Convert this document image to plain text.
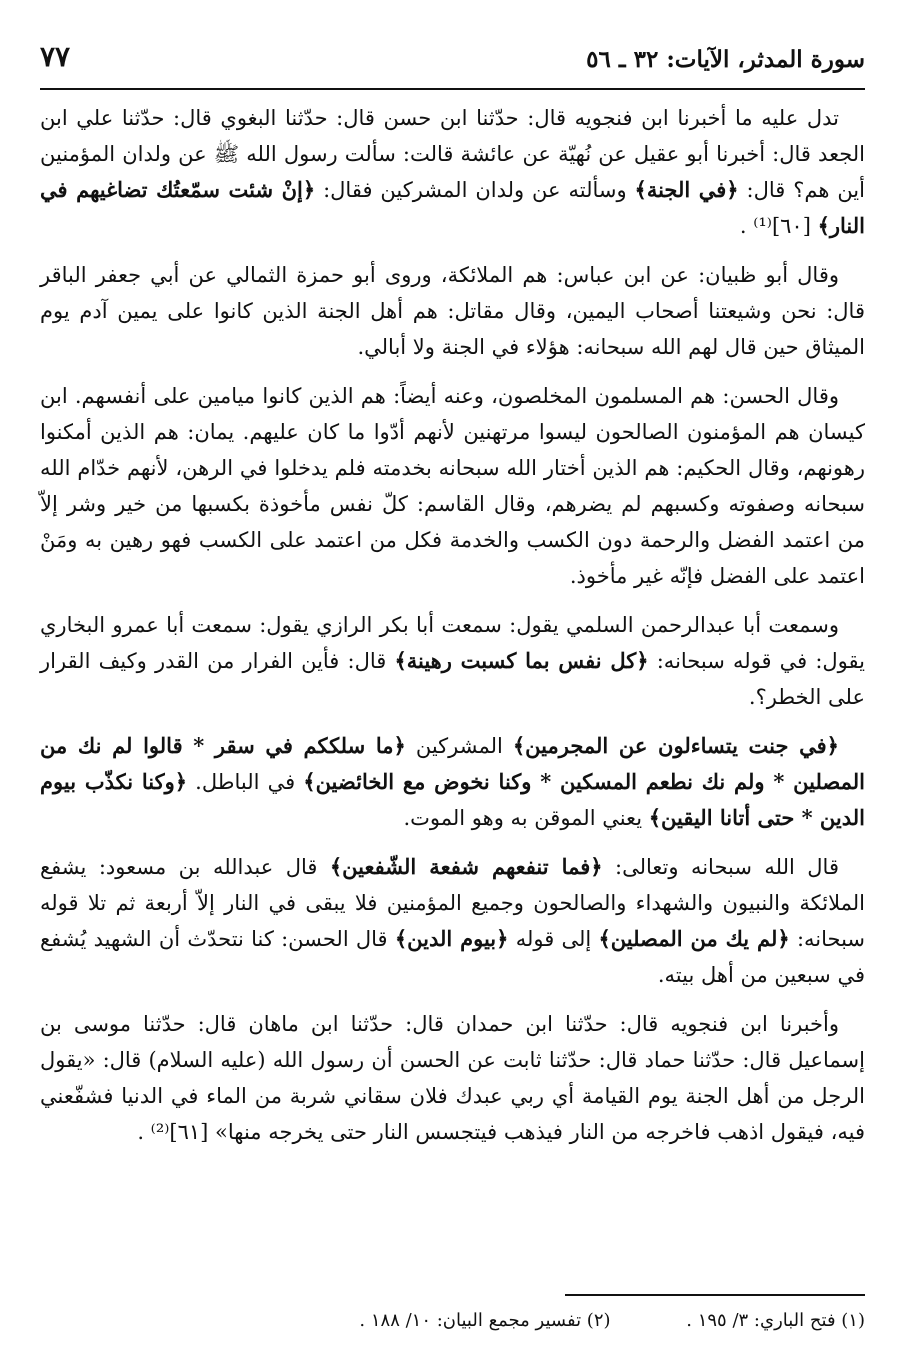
٧٧	سورة المدثر، الآيات: ٣٢ ـ ٥٦

تدل عليه ما أخبرنا ابن فنجويه قال: حدّثنا ابن حسن قال: حدّثنا البغوي قال: حدّثنا علي ابن الجعد قال: أخبرنا أبو عقيل عن نُهيّة عن عائشة قالت: سألت رسول الله ﷺ عن ولدان المؤمنين أين هم؟ قال: ﴿في الجنة﴾ وسألته عن ولدان المشركين فقال: ﴿إنْ شئت سمّعتُك تضاغيهم في النار﴾ [٦٠]⁽¹⁾ .

وقال أبو ظبيان: عن ابن عباس: هم الملائكة، وروى أبو حمزة الثمالي عن أبي جعفر الباقر قال: نحن وشيعتنا أصحاب اليمين، وقال مقاتل: هم أهل الجنة الذين كانوا على يمين آدم يوم الميثاق حين قال لهم الله سبحانه: هؤلاء في الجنة ولا أبالي.

وقال الحسن: هم المسلمون المخلصون، وعنه أيضاً: هم الذين كانوا ميامين على أنفسهم. ابن كيسان هم المؤمنون الصالحون ليسوا مرتهنين لأنهم أدّوا ما كان عليهم. يمان: هم الذين أمكنوا رهونهم، وقال الحكيم: هم الذين أختار الله سبحانه بخدمته فلم يدخلوا في الرهن، لأنهم خدّام الله سبحانه وصفوته وكسبهم لم يضرهم، وقال القاسم: كلّ نفس مأخوذة بكسبها من خير وشر إلاّ من اعتمد الفضل والرحمة دون الكسب والخدمة فكل من اعتمد على الكسب فهو رهين به ومَنْ اعتمد على الفضل فإنّه غير مأخوذ.

وسمعت أبا عبدالرحمن السلمي يقول: سمعت أبا بكر الرازي يقول: سمعت أبا عمرو البخاري يقول: في قوله سبحانه: ﴿كل نفس بما كسبت رهينة﴾ قال: فأين الفرار من القدر وكيف القرار على الخطر؟.

﴿في جنت يتساءلون عن المجرمين﴾ المشركين ﴿ما سلككم في سقر * قالوا لم نك من المصلين * ولم نك نطعم المسكين * وكنا نخوض مع الخائضين﴾ في الباطل. ﴿وكنا نكذّب بيوم الدين * حتى أتانا اليقين﴾ يعني الموقن به وهو الموت.

قال الله سبحانه وتعالى: ﴿فما تنفعهم شفعة الشّفعين﴾ قال عبدالله بن مسعود: يشفع الملائكة والنبيون والشهداء والصالحون وجميع المؤمنين فلا يبقى في النار إلاّ أربعة ثم تلا قوله سبحانه: ﴿لم يك من المصلين﴾ إلى قوله ﴿بيوم الدين﴾ قال الحسن: كنا نتحدّث أن الشهيد يُشفع في سبعين من أهل بيته.

وأخبرنا ابن فنجويه قال: حدّثنا ابن حمدان قال: حدّثنا ابن ماهان قال: حدّثنا موسى بن إسماعيل قال: حدّثنا حماد قال: حدّثنا ثابت عن الحسن أن رسول الله (عليه السلام) قال: «يقول الرجل من أهل الجنة يوم القيامة أي ربي عبدك فلان سقاني شربة من الماء في الدنيا فشفّعني فيه، فيقول اذهب فاخرجه من النار فيذهب فيتجسس النار حتى يخرجه منها» [٦١]⁽²⁾ .

(١) فتح الباري: ٣/ ١٩٥ . (٢) تفسير مجمع البيان: ١٠/ ١٨٨ .
